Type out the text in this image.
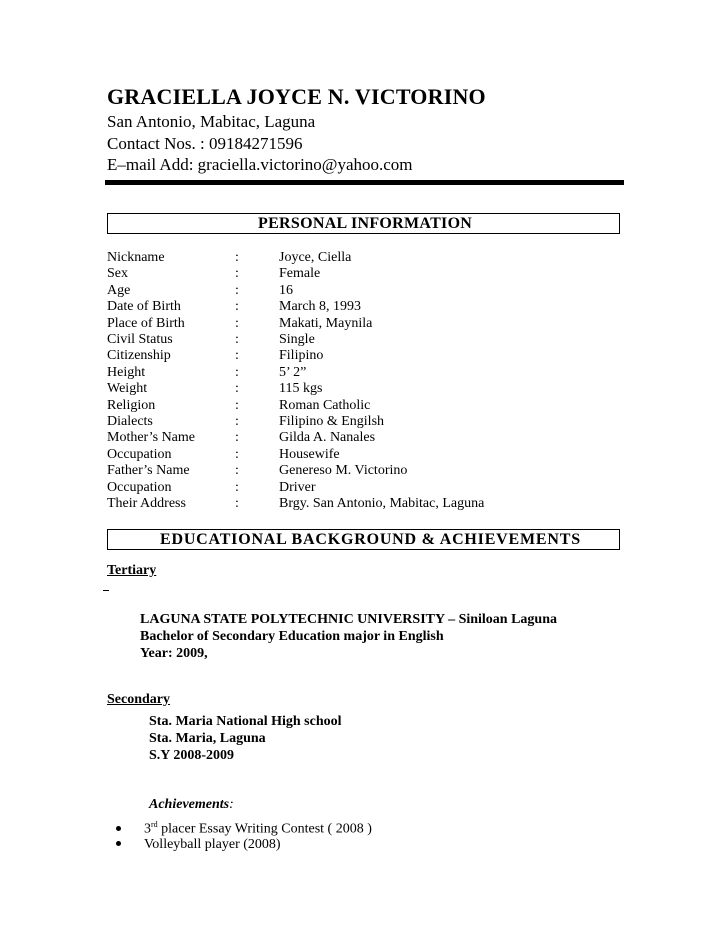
GRACIELLA JOYCE N. VICTORINO
San Antonio, Mabitac, Laguna
Contact Nos. : 09184271596
E–mail Add: graciella.victorino@yahoo.com
PERSONAL INFORMATION
Nickname	:	Joyce, Ciella
Sex	:	Female
Age	:	16
Date of Birth	:	March 8, 1993
Place of Birth	:	Makati, Maynila
Civil Status	:	Single
Citizenship	:	Filipino
Height	:	5’ 2”
Weight	:	115 kgs
Religion	:	Roman Catholic
Dialects	:	Filipino & Engilsh
Mother’s Name	:	Gilda A. Nanales
Occupation	:	Housewife
Father’s Name	:	Genereso M. Victorino
Occupation	:	Driver
Their Address	:	Brgy. San Antonio, Mabitac, Laguna
EDUCATIONAL BACKGROUND & ACHIEVEMENTS
Tertiary
LAGUNA STATE POLYTECHNIC UNIVERSITY – Siniloan Laguna
Bachelor of Secondary Education major in English
Year: 2009,
Secondary
Sta. Maria National High school
Sta. Maria, Laguna
S.Y 2008-2009
Achievements:
3rd placer Essay Writing Contest ( 2008 )
Volleyball player (2008)
